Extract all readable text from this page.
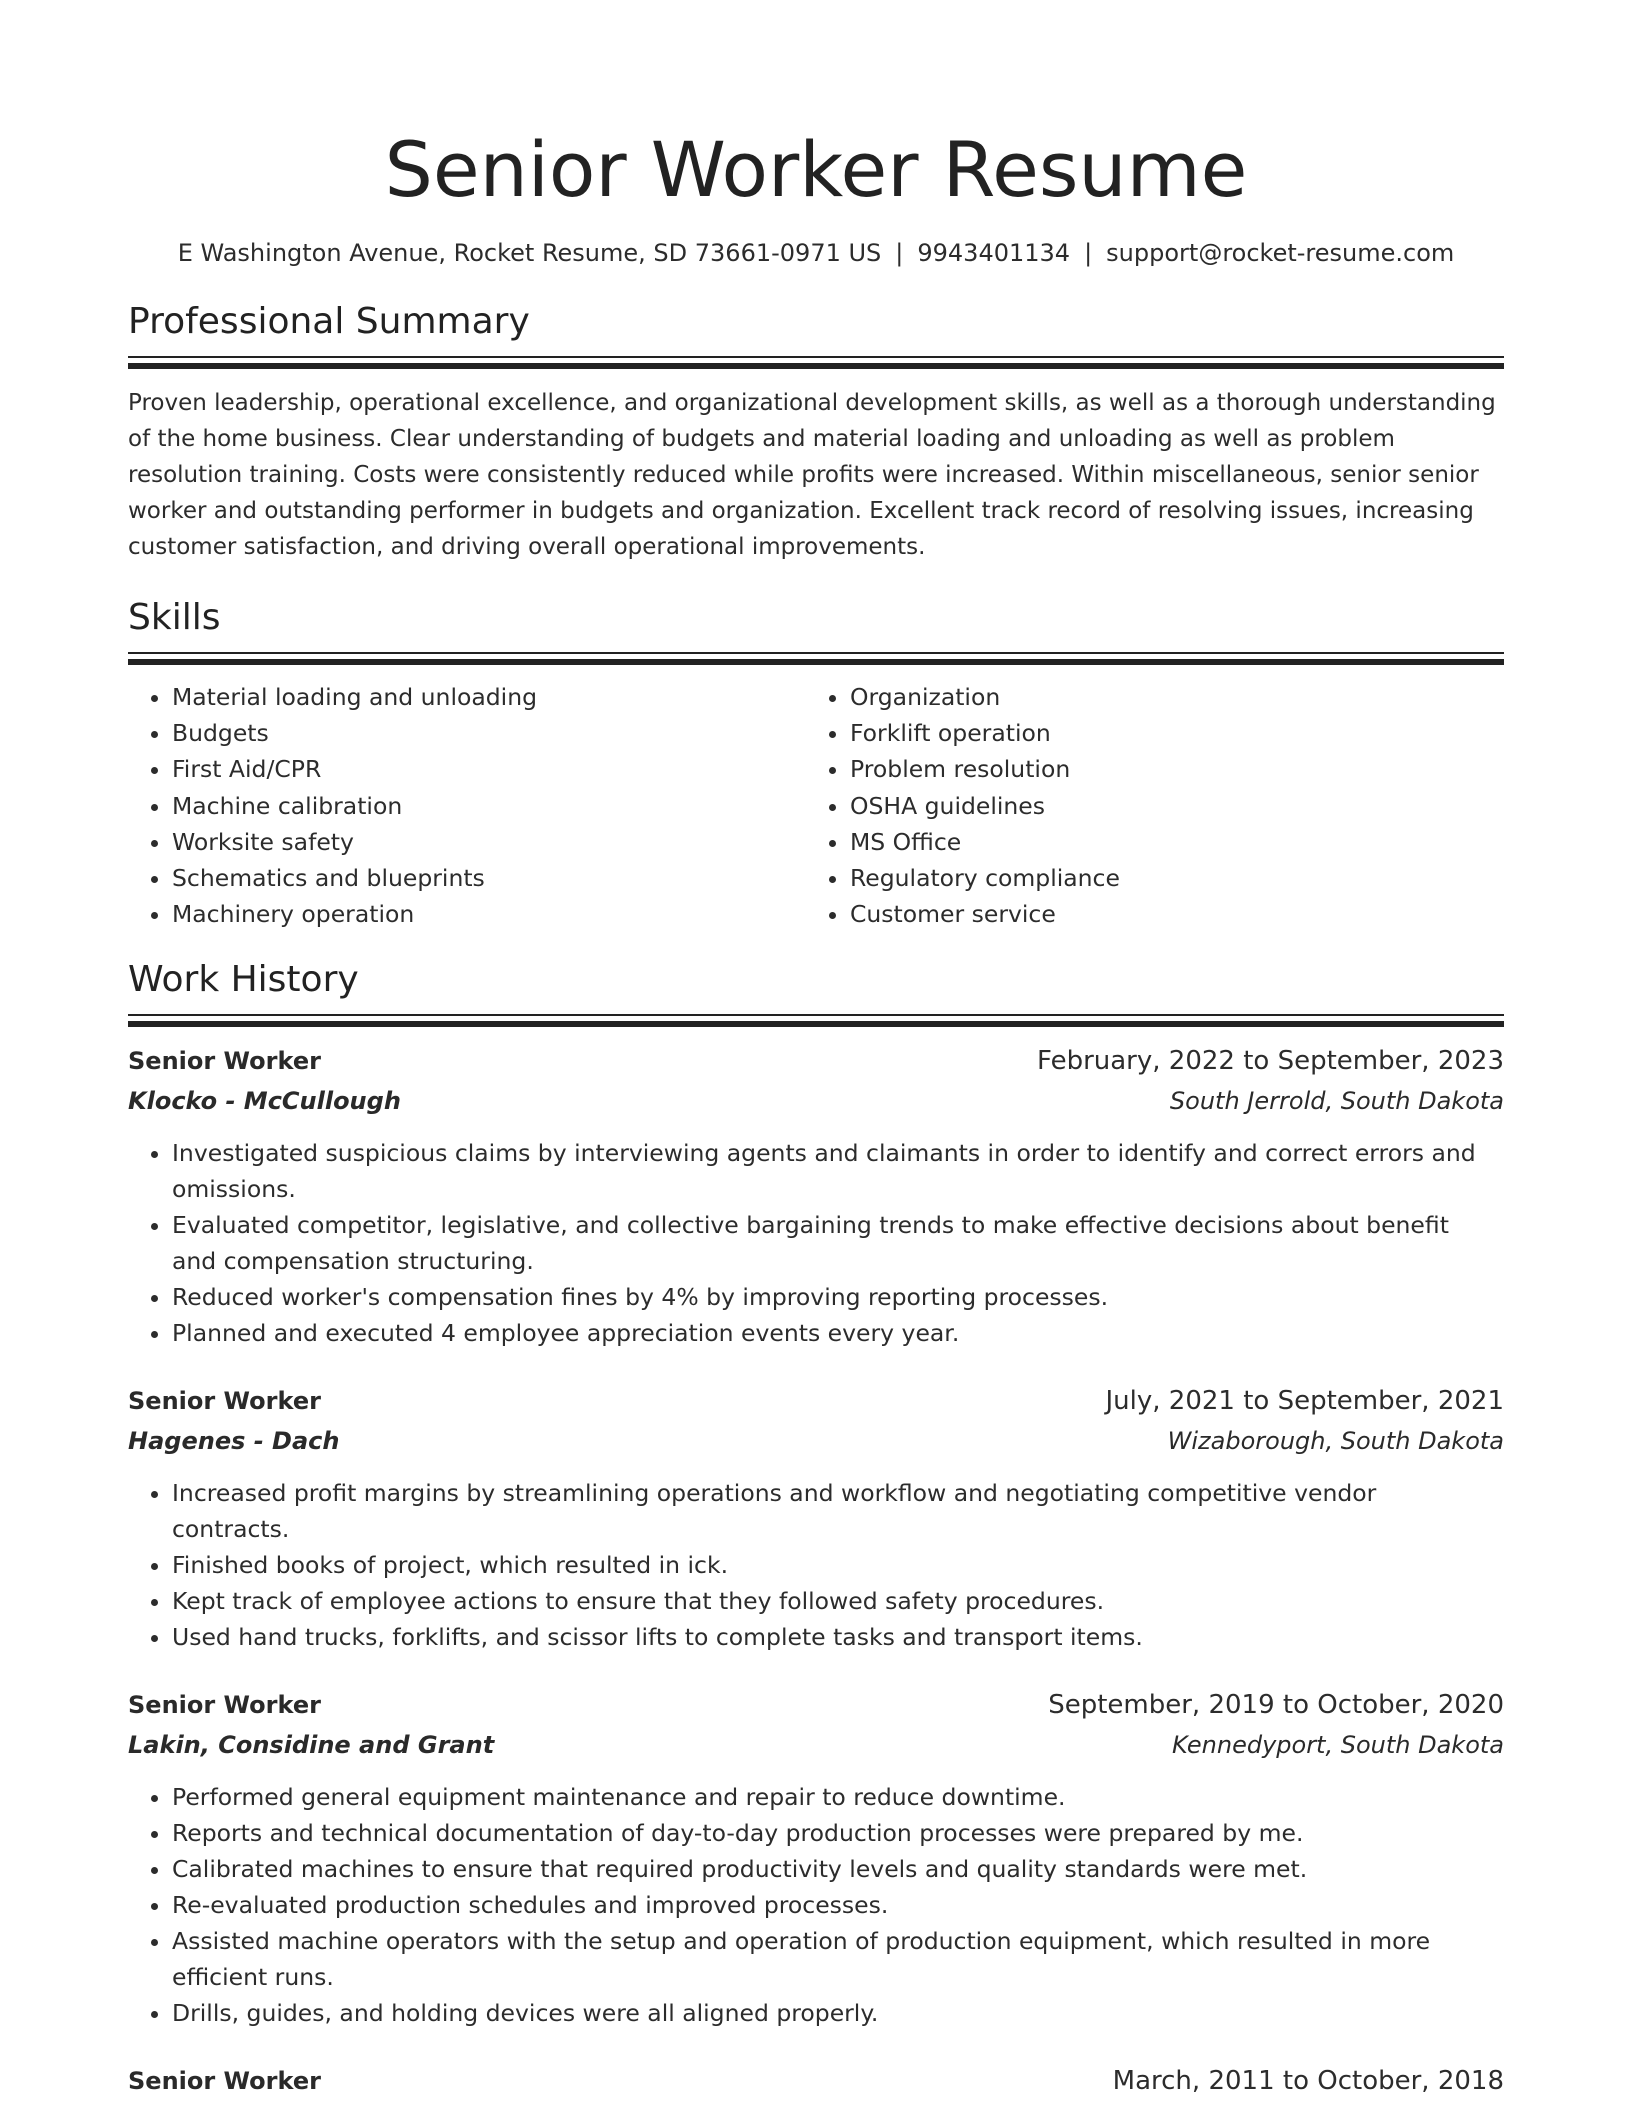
Senior Worker Resume
E Washington Avenue, Rocket Resume, SD 73661-0971 US | 9943401134 | support@rocket-resume.com
Professional Summary
Proven leadership, operational excellence, and organizational development skills, as well as a thorough understanding of the home business. Clear understanding of budgets and material loading and unloading as well as problem resolution training. Costs were consistently reduced while profits were increased. Within miscellaneous, senior senior worker and outstanding performer in budgets and organization. Excellent track record of resolving issues, increasing customer satisfaction, and driving overall operational improvements.
Skills
• Material loading and unloading
• Budgets
• First Aid/CPR
• Machine calibration
• Worksite safety
• Schematics and blueprints
• Machinery operation
• Organization
• Forklift operation
• Problem resolution
• OSHA guidelines
• MS Office
• Regulatory compliance
• Customer service
Work History
Senior Worker	February, 2022 to September, 2023
Klocko - McCullough	South Jerrold, South Dakota
• Investigated suspicious claims by interviewing agents and claimants in order to identify and correct errors and omissions.
• Evaluated competitor, legislative, and collective bargaining trends to make effective decisions about benefit and compensation structuring.
• Reduced worker's compensation fines by 4% by improving reporting processes.
• Planned and executed 4 employee appreciation events every year.
Senior Worker	July, 2021 to September, 2021
Hagenes - Dach	Wizaborough, South Dakota
• Increased profit margins by streamlining operations and workflow and negotiating competitive vendor contracts.
• Finished books of project, which resulted in ick.
• Kept track of employee actions to ensure that they followed safety procedures.
• Used hand trucks, forklifts, and scissor lifts to complete tasks and transport items.
Senior Worker	September, 2019 to October, 2020
Lakin, Considine and Grant	Kennedyport, South Dakota
• Performed general equipment maintenance and repair to reduce downtime.
• Reports and technical documentation of day-to-day production processes were prepared by me.
• Calibrated machines to ensure that required productivity levels and quality standards were met.
• Re-evaluated production schedules and improved processes.
• Assisted machine operators with the setup and operation of production equipment, which resulted in more efficient runs.
• Drills, guides, and holding devices were all aligned properly.
Senior Worker	March, 2011 to October, 2018
